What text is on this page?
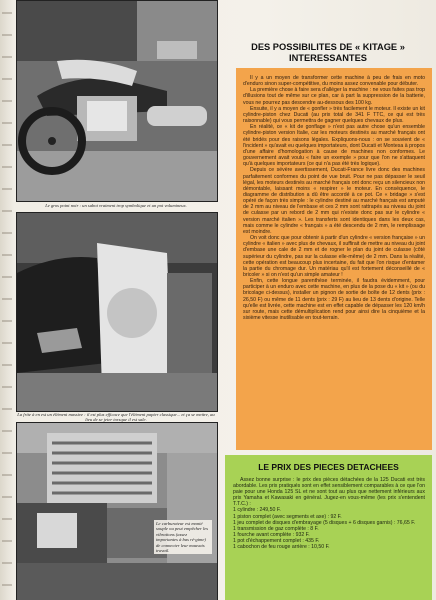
Le gros point noir : un sabot vraiment trop symbolique et un pot volumineux.
La frite à en est un élément massive : il est plus efficace que l'élément papier classique... et ça se mettre, au lieu de se jeter torsque il est sale.
Le carburateur est monté souple ou peut empêcher les vibrations (assez importantes à bas ré-gime) de connecter leur mauvais travail.
DES POSSIBILITES DE « KITAGE » INTERESSANTES

Il y a un moyen de transformer cette machine à peu de frais en moto d'enduro sinon super-compétitive, du moins assez convenable pour débuter.

La première chose à faire sera d'alléger la machine : ne vous faites pas trop d'illusions tout de même sur ce plan, car à part la suppression de la batterie, vous ne pourrez pas descendre au-dessous des 100 kg.

Ensuite, il y a moyen de « gonfler » très facilement le moteur. Il existe un kit cylindre-piston chez Ducati (au prix total de 341 F TTC, ce qui est très raisonnable) qui vous permettra de gagner quelques chevaux de plus.

En réalité, ce « kit de gonflage » n'est pas autre chose qu'un ensemble cylindre-piston version Italie, car les moteurs destinés au marché français ont été bridés pour des raisons légales. Expliquons-nous : on se souvient de « l'incident » qu'avait eu quelques importateurs, dont Ducati et Montesa à propos d'une affaire d'homologation à cause de machines non conformes. Le gouvernement avait voulu « faire un exemple » pour que l'on ne s'attaquent qu'à quelques importateurs (ce qui n'a pas été très logique).

Depuis ce sévère avertissement, Ducati-France livre donc des machines parfaitement conformes du point de vue bruit. Pour ne pas dépasser le seuil légal, les moteurs destinés au marché français ont donc reçu un silencieux non démontable, laissant moins « respirer » le moteur. En conséquence, le diagramme de distribution a dû être accordé à ce pot. Ce « bridage » s'est opéré de façon très simple : le cylindre destiné au marché français est amputé de 2 mm au niveau de l'embase et ces 2 mm sont rattrapés au niveau du joint de culasse par un rebord de 2 mm qui n'existe donc pas sur le cylindre « version marché italien ». Les transferts sont identiques dans les deux cas, mais comme le cylindre « français » a été descendu de 2 mm, le remplissage est moindre.

On voit donc que pour obtenir à partir d'un cylindre « version française » un cylindre « italien » avec plus de chevaux, il suffirait de mettre au niveau du joint d'embase une cale de 2 mm et de rogner le plan du joint de culasse (côté supérieur du cylindre, pas sur la culasse elle-même) de 2 mm. Dans la réalité, cette opération est beaucoup plus incertaine, du fait que l'on risque d'entamer la partie du chromage dur. Un matériau qu'il est fortement déconseillé de « bricoler » si on n'est qu'un simple amateur !

Enfin, cette longue parenthèse terminée, il faudra évidemment, pour participer à un enduro avec cette machine, en plus de la pose du « kit » (ou du bricolage ci-dessus), installer un pignon de sortie de boîte de 12 dents (prix : 26,50 F) ou même de 11 dents (prix : 29 F) au lieu de 13 dents d'origine. Telle qu'elle est livrée, cette machine est en effet capable de dépasser les 120 km/h sur route, mais cette démultiplication rend pour ainsi dire la cinquième et la sixième vitesse inutilisable en tout-terrain.

LE PRIX DES PIECES DETACHEES

Assez bonne surprise : le prix des pièces détachées de la 125 Ducati est très abordable. Les prix pratiqués sont en effet sensiblement comparables à ce que l'on paie pour une Honda 125 SL et ne sont tout au plus que nettement inférieurs aux prix Yamaha et Kawasaki en général. Jugez-en vous-même (les prix s'entendent T.T.C.) :

1 cylindre : 249,50 F.
1 piston complet (avec segments et axe) : 92 F.
1 jeu complet de disques d'embrayage (5 disques + 6 disques garnis) : 76,65 F.
1 transmission de gaz complète : 8 F.
1 fourche avant complète : 932 F.
1 pot d'échappement complet : 435 F.
1 cabochon de feu rouge arrière : 10,50 F.
